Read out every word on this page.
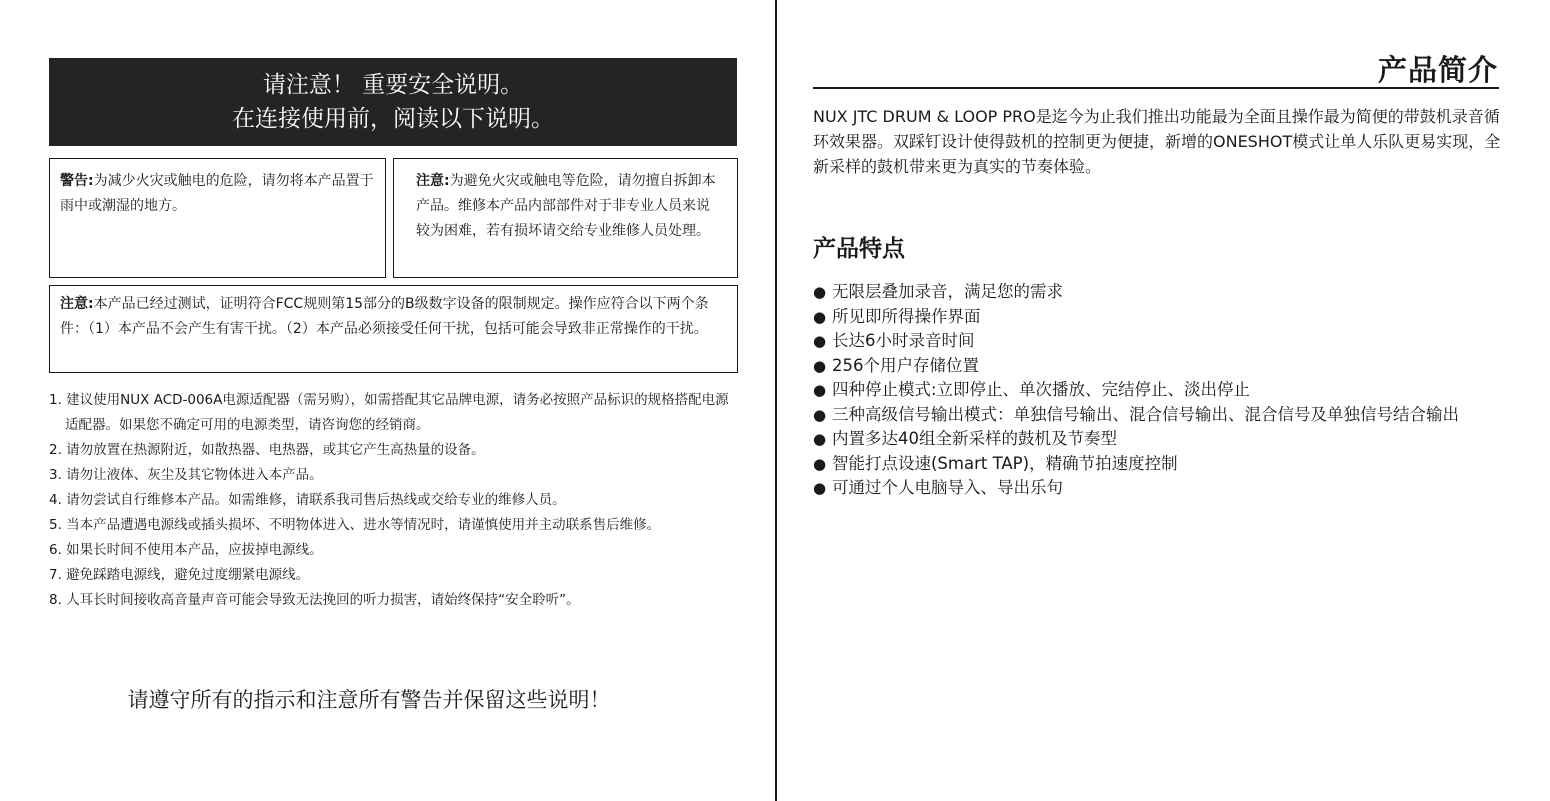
请注意！ 重要安全说明。
在连接使用前，阅读以下说明。
警告:为减少火灾或触电的危险，请勿将本产品置于雨中或潮湿的地方。
注意:为避免火灾或触电等危险，请勿擅自拆卸本产品。维修本产品内部部件对于非专业人员来说较为困难，若有损坏请交给专业维修人员处理。
注意:本产品已经过测试，证明符合FCC规则第15部分的B级数字设备的限制规定。操作应符合以下两个条件：（1）本产品不会产生有害干扰。（2）本产品必须接受任何干扰，包括可能会导致非正常操作的干扰。
1. 建议使用NUX ACD-006A电源适配器（需另购），如需搭配其它品牌电源，请务必按照产品标识的规格搭配电源适配器。如果您不确定可用的电源类型，请咨询您的经销商。
2. 请勿放置在热源附近，如散热器、电热器，或其它产生高热量的设备。
3. 请勿让液体、灰尘及其它物体进入本产品。
4. 请勿尝试自行维修本产品。如需维修，请联系我司售后热线或交给专业的维修人员。
5. 当本产品遭遇电源线或插头损坏、不明物体进入、进水等情况时，请谨慎使用并主动联系售后维修。
6. 如果长时间不使用本产品，应拔掉电源线。
7. 避免踩踏电源线，避免过度绷紧电源线。
8. 人耳长时间接收高音量声音可能会导致无法挽回的听力损害，请始终保持“安全聆听”。
请遵守所有的指示和注意所有警告并保留这些说明！
产品简介
NUX JTC DRUM & LOOP PRO是迄今为止我们推出功能最为全面且操作最为简便的带鼓机录音循环效果器。双踩钉设计使得鼓机的控制更为便捷，新增的ONESHOT模式让单人乐队更易实现，全新采样的鼓机带来更为真实的节奏体验。
产品特点
● 无限层叠加录音，满足您的需求
● 所见即所得操作界面
● 长达6小时录音时间
● 256个用户存储位置
● 四种停止模式:立即停止、单次播放、完结停止、淡出停止
● 三种高级信号输出模式：单独信号输出、混合信号输出、混合信号及单独信号结合输出
● 内置多达40组全新采样的鼓机及节奏型
● 智能打点设速(Smart TAP)，精确节拍速度控制
● 可通过个人电脑导入、导出乐句
